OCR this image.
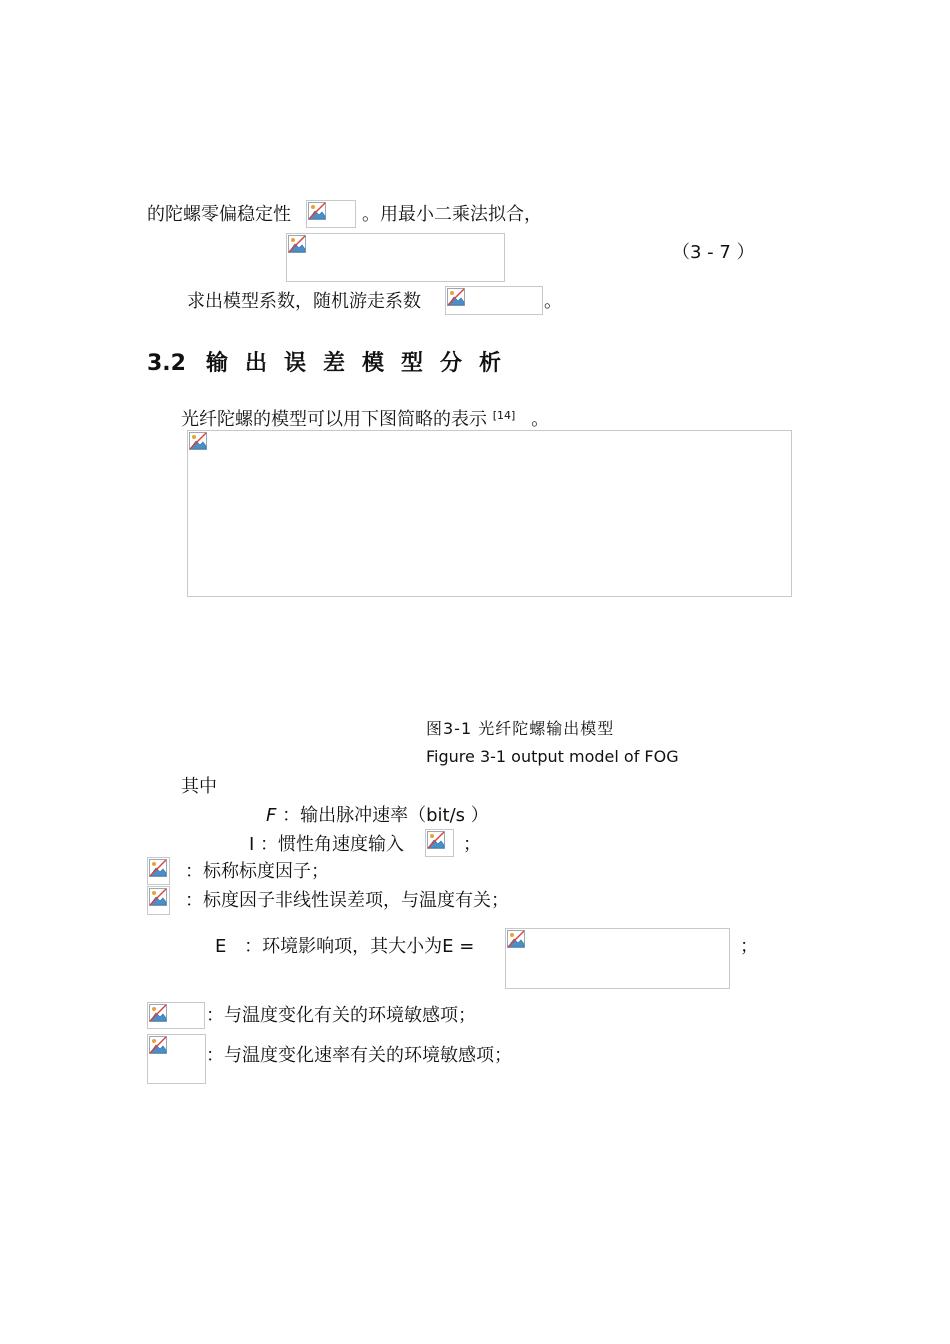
的陀螺零偏稳定性	。用最小二乘法拟合，
（3 - 7 ）
求出模型系数，随机游走系数	。
3.2 输 出 误 差 模 型 分 析
光纤陀螺的模型可以用下图简略的表示 [14] 。
图3-1 光纤陀螺输出模型
Figure 3-1 output model of FOG
其中
F ：输出脉冲速率（bit/s ）
I ：惯性角速度输入	；
：标称标度因子；
：标度因子非线性误差项，与温度有关；
E ：环境影响项，其大小为E =	；
：与温度变化有关的环境敏感项；
：与温度变化速率有关的环境敏感项；
